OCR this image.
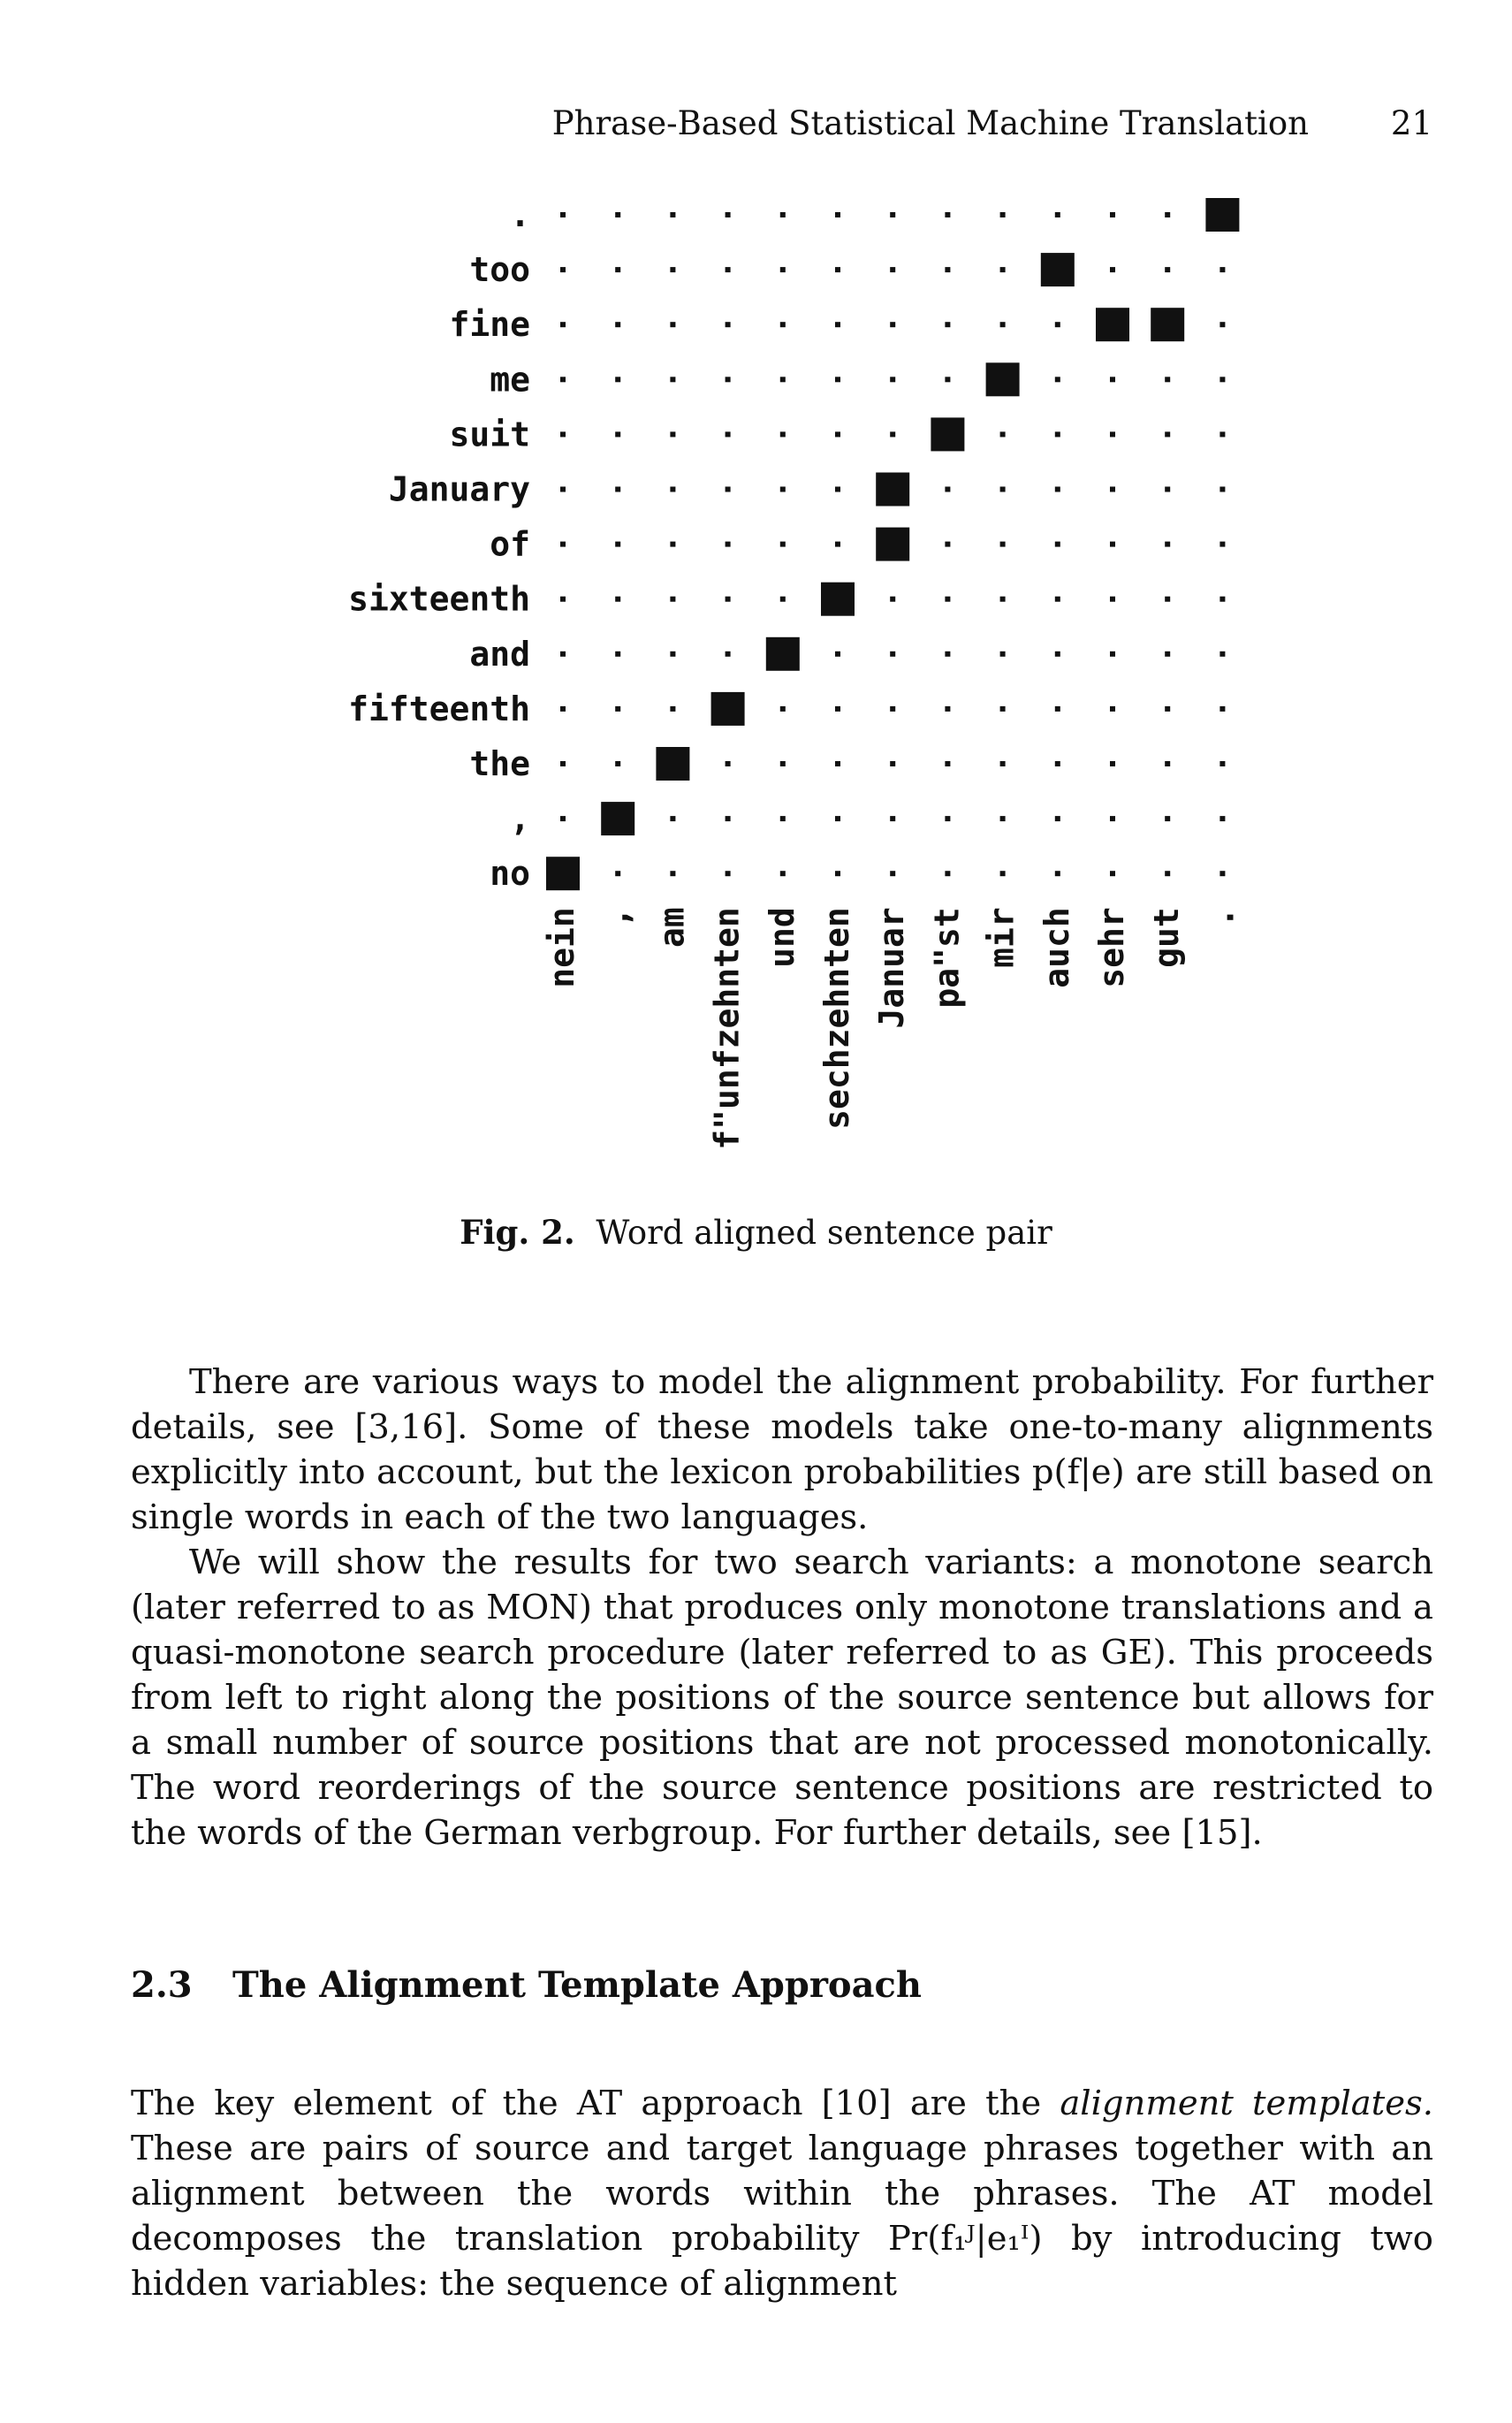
Phrase-Based Statistical Machine Translation	21
.
too
fine
me
suit
January
of
sixteenth
and
fifteenth
the
,
no
nein , am f"unfzehnten und sechzehnten Januar pa"st mir auch sehr gut .
Fig. 2. Word aligned sentence pair

There are various ways to model the alignment probability. For further details, see [3,16]. Some of these models take one-to-many alignments explicitly into account, but the lexicon probabilities p(f|e) are still based on single words in each of the two languages.

We will show the results for two search variants: a monotone search (later referred to as MON) that produces only monotone translations and a quasi-monotone search procedure (later referred to as GE). This proceeds from left to right along the positions of the source sentence but allows for a small number of source positions that are not processed monotonically. The word reorderings of the source sentence positions are restricted to the words of the German verbgroup. For further details, see [15].

2.3 The Alignment Template Approach

The key element of the AT approach [10] are the alignment templates. These are pairs of source and target language phrases together with an alignment between the words within the phrases. The AT model decomposes the translation probability Pr(f₁ᴶ|e₁ᴵ) by introducing two hidden variables: the sequence of alignment
